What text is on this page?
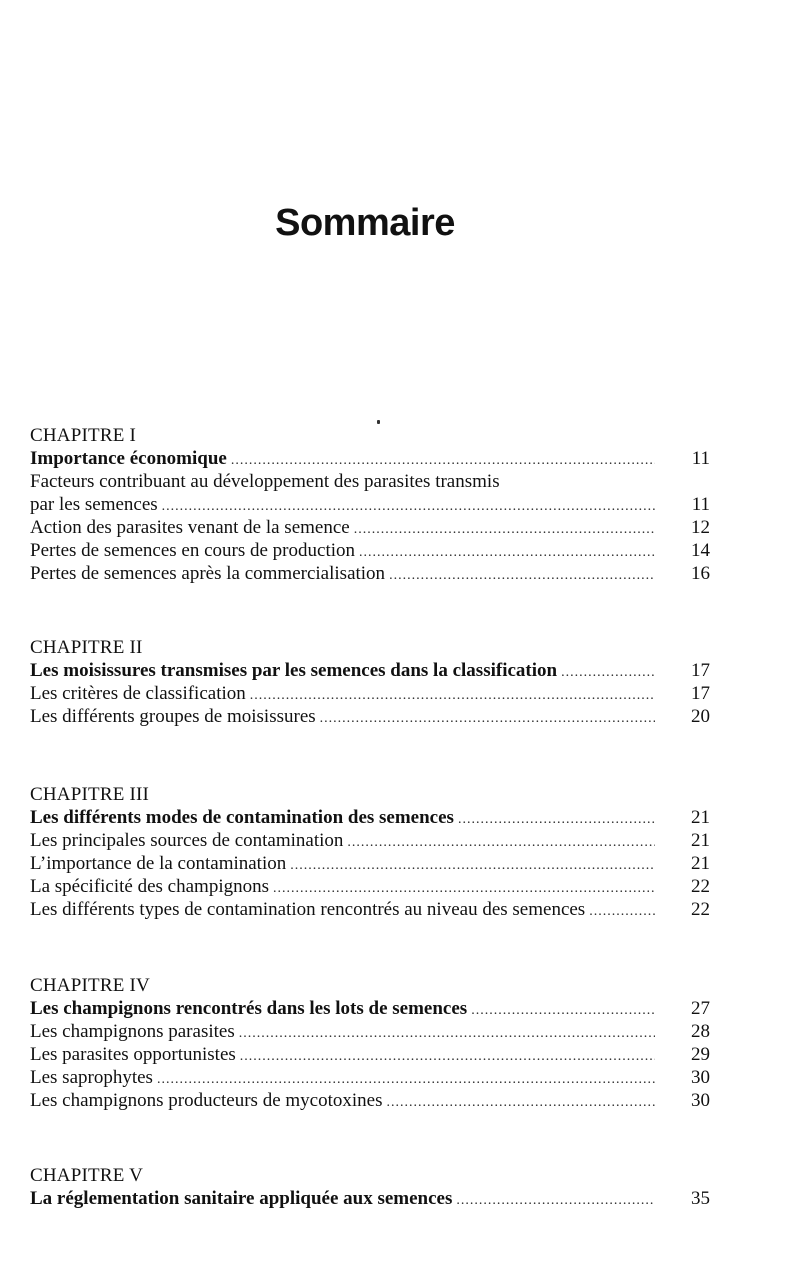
Sommaire
CHAPITRE I
Importance économique .....	11
Facteurs contribuant au développement des parasites transmis
par les semences .....	11
Action des parasites venant de la semence .....	12
Pertes de semences en cours de production .....	14
Pertes de semences après la commercialisation .....	16
CHAPITRE II
Les moisissures transmises par les semences dans la classification .....	17
Les critères de classification .....	17
Les différents groupes de moisissures .....	20
CHAPITRE III
Les différents modes de contamination des semences .....	21
Les principales sources de contamination .....	21
L’importance de la contamination .....	21
La spécificité des champignons .....	22
Les différents types de contamination rencontrés au niveau des semences .....	22
CHAPITRE IV
Les champignons rencontrés dans les lots de semences .....	27
Les champignons parasites .....	28
Les parasites opportunistes .....	29
Les saprophytes .....	30
Les champignons producteurs de mycotoxines .....	30
CHAPITRE V
La réglementation sanitaire appliquée aux semences .....	35
